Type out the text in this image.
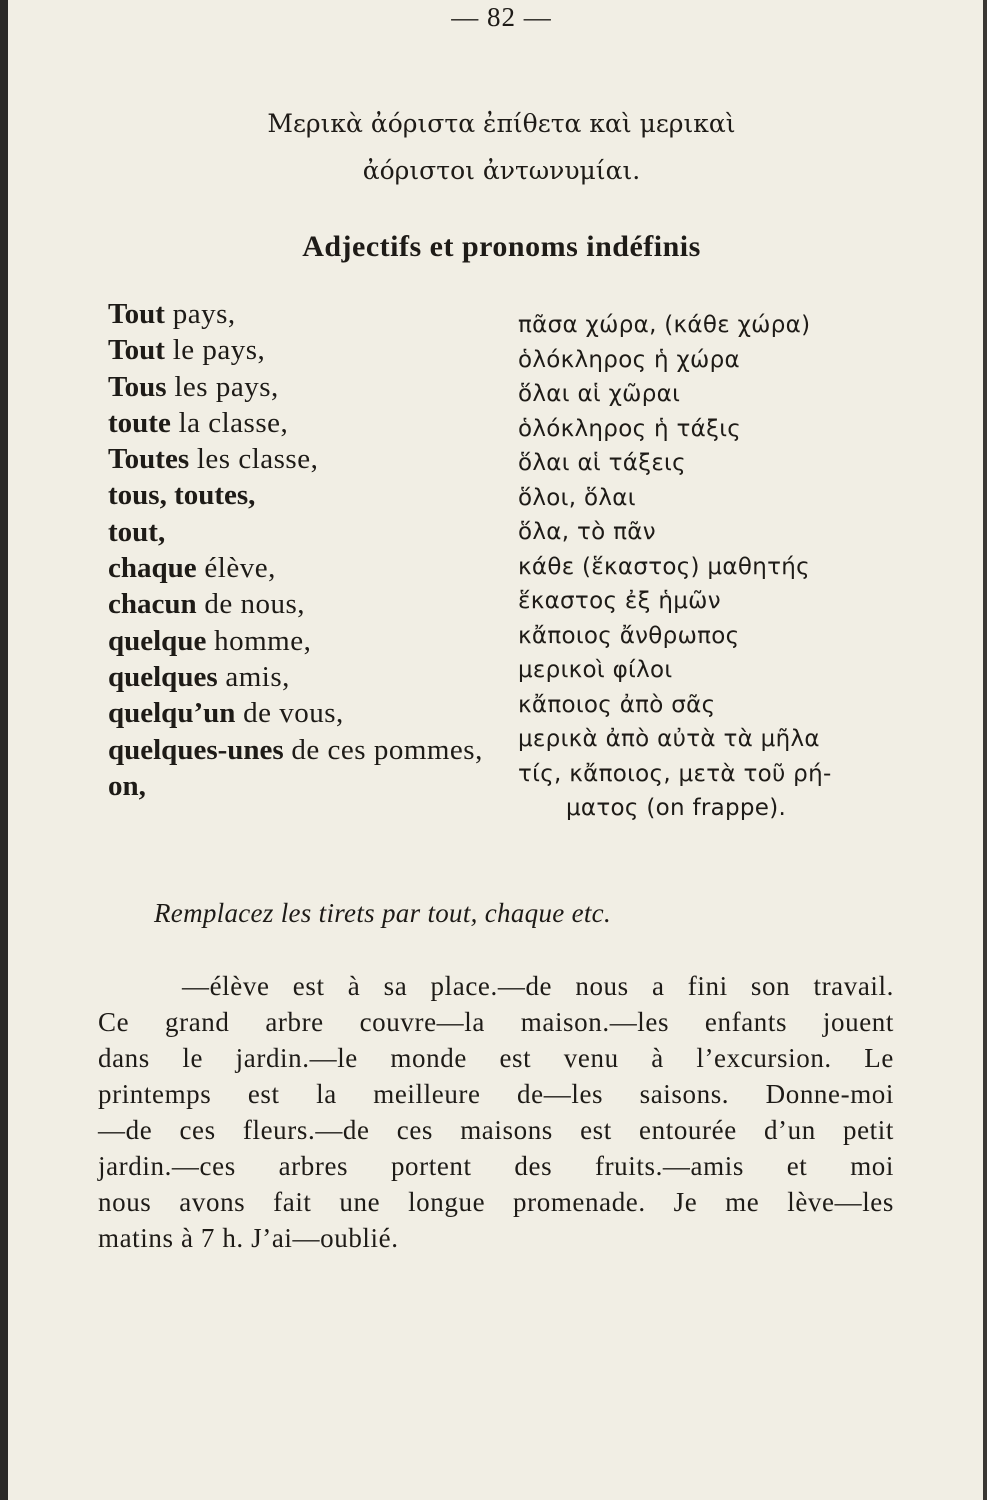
— 82 —
Μερικὰ ἀόριστα ἐπίθετα καὶ μερικαὶ
ἀόριστοι ἀντωνυμίαι.
Adjectifs et pronoms indéfinis
Tout pays,
Tout le pays,
Tous les pays,
toute la classe,
Toutes les classe,
tous, toutes,
tout,
chaque élève,
chacun de nous,
quelque homme,
quelques amis,
quelqu’un de vous,
quelques-unes de ces pommes,
on,
πᾶσα χώρα, (κάθε χώρα)
ὁλόκληρος ἡ χώρα
ὅλαι αἱ χῶραι
ὁλόκληρος ἡ τάξις
ὅλαι αἱ τάξεις
ὅλοι, ὅλαι
ὅλα, τὸ πᾶν
κάθε (ἕκαστος) μαθητής
ἕκαστος ἐξ ἡμῶν
κἄποιος ἄνθρωπος
μερικοὶ φίλοι
κἄποιος ἀπὸ σᾶς
μερικὰ ἀπὸ αὐτὰ τὰ μῆλα
τίς, κἄποιος, μετὰ τοῦ ρή-
ματος (on frappe).
Remplacez les tirets par tout, chaque etc.

—élève est à sa place.—de nous a fini son travail.

Ce grand arbre couvre—la maison.—les enfants jouent

dans le jardin.—le monde est venu à l’excursion. Le

printemps est la meilleure de—les saisons. Donne-moi

—de ces fleurs.—de ces maisons est entourée d’un petit

jardin.—ces arbres portent des fruits.—amis et moi

nous avons fait une longue promenade. Je me lève—les

matins à 7 h. J’ai—oublié.
